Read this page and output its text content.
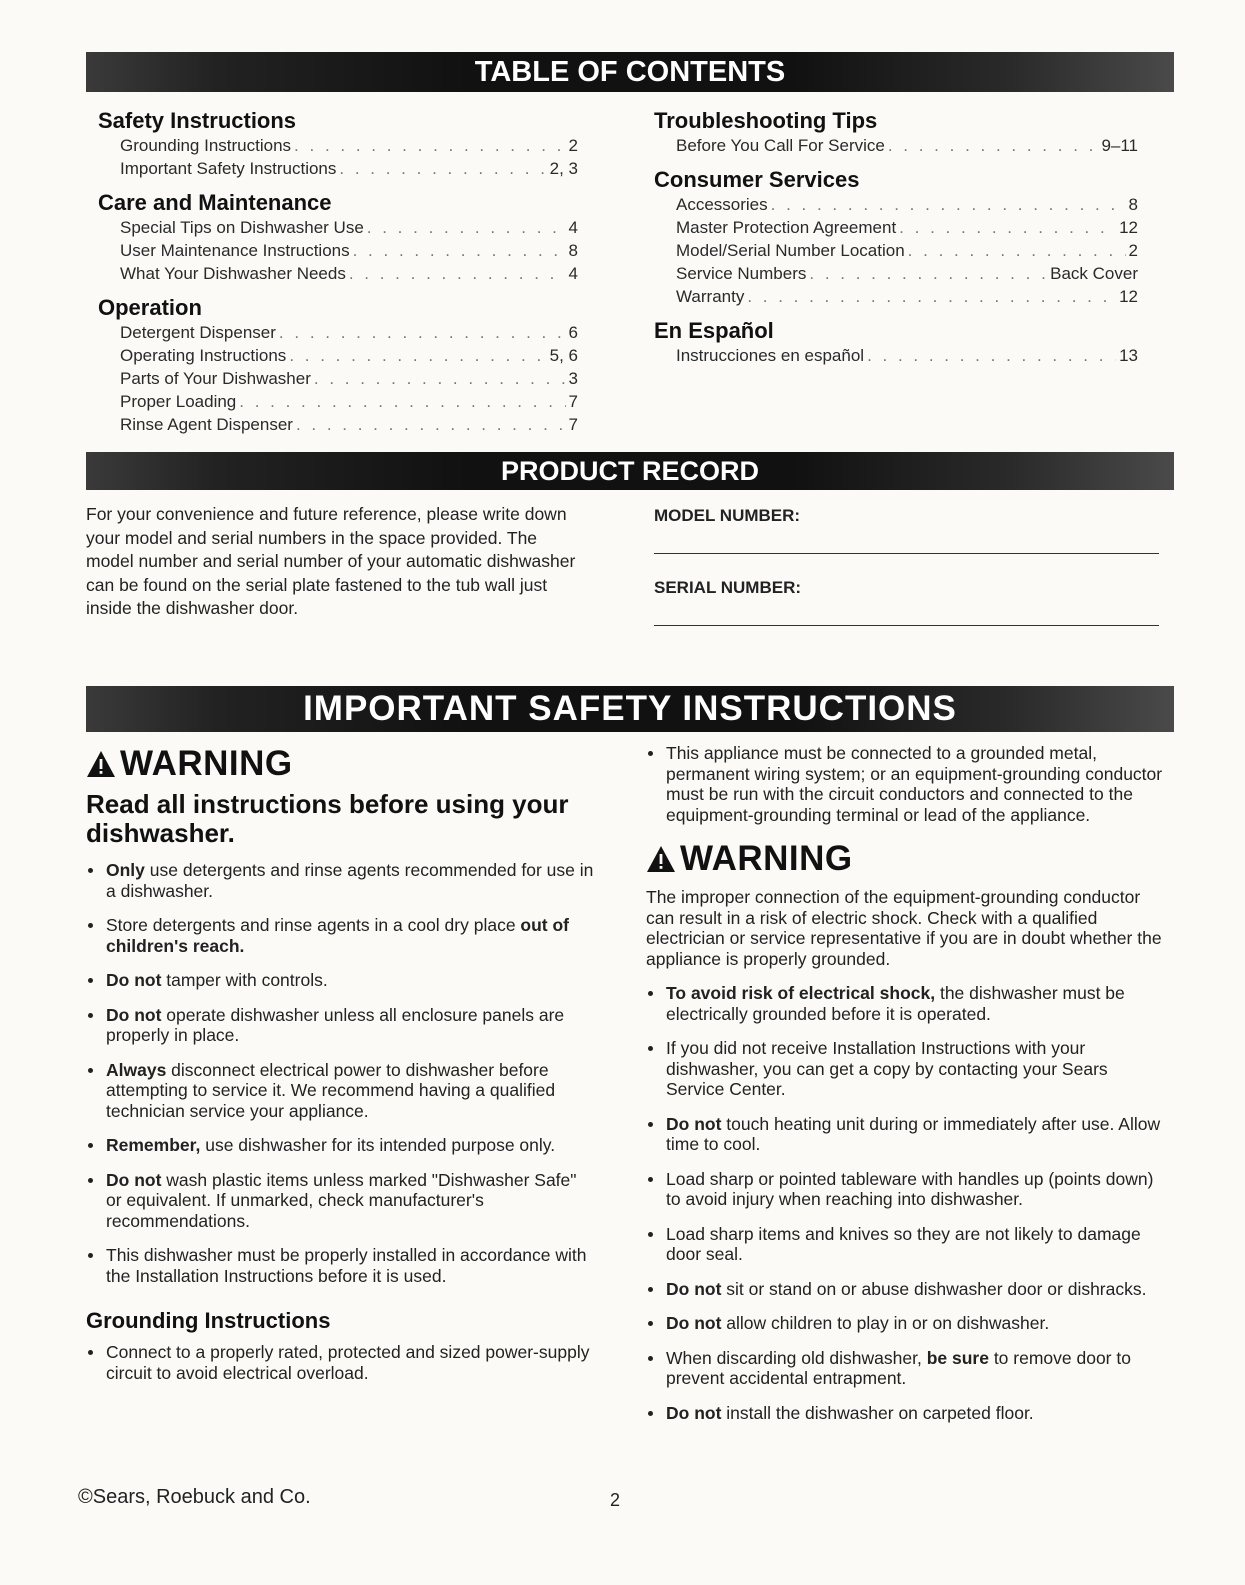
TABLE OF CONTENTS
Safety Instructions
Grounding Instructions . . .	2
Important Safety Instructions . . .	2, 3
Care and Maintenance
Special Tips on Dishwasher Use . . .	4
User Maintenance Instructions . . .	8
What Your Dishwasher Needs . . .	4
Operation
Detergent Dispenser . . .	6
Operating Instructions . . .	5, 6
Parts of Your Dishwasher . . .	3
Proper Loading . . .	7
Rinse Agent Dispenser . . .	7
Troubleshooting Tips
Before You Call For Service . . .	9–11
Consumer Services
Accessories . . .	8
Master Protection Agreement . . .	12
Model/Serial Number Location . . .	2
Service Numbers . . .	Back Cover
Warranty . . .	12
En Español
Instrucciones en español . . .	13
PRODUCT RECORD
For your convenience and future reference, please write down your model and serial numbers in the space provided. The model number and serial number of your automatic dishwasher can be found on the serial plate fastened to the tub wall just inside the dishwasher door.
MODEL NUMBER:
SERIAL NUMBER:
IMPORTANT SAFETY INSTRUCTIONS
WARNING
Read all instructions before using your dishwasher.
Only use detergents and rinse agents recommended for use in a dishwasher.
Store detergents and rinse agents in a cool dry place out of children's reach.
Do not tamper with controls.
Do not operate dishwasher unless all enclosure panels are properly in place.
Always disconnect electrical power to dishwasher before attempting to service it. We recommend having a qualified technician service your appliance.
Remember, use dishwasher for its intended purpose only.
Do not wash plastic items unless marked "Dishwasher Safe" or equivalent. If unmarked, check manufacturer's recommendations.
This dishwasher must be properly installed in accordance with the Installation Instructions before it is used.
Grounding Instructions
Connect to a properly rated, protected and sized power-supply circuit to avoid electrical overload.
This appliance must be connected to a grounded metal, permanent wiring system; or an equipment-grounding conductor must be run with the circuit conductors and connected to the equipment-grounding terminal or lead of the appliance.
WARNING

The improper connection of the equipment-grounding conductor can result in a risk of electric shock. Check with a qualified electrician or service representative if you are in doubt whether the appliance is properly grounded.

To avoid risk of electrical shock, the dishwasher must be electrically grounded before it is operated.
If you did not receive Installation Instructions with your dishwasher, you can get a copy by contacting your Sears Service Center.
Do not touch heating unit during or immediately after use. Allow time to cool.
Load sharp or pointed tableware with handles up (points down) to avoid injury when reaching into dishwasher.
Load sharp items and knives so they are not likely to damage door seal.
Do not sit or stand on or abuse dishwasher door or dishracks.
Do not allow children to play in or on dishwasher.
When discarding old dishwasher, be sure to remove door to prevent accidental entrapment.
Do not install the dishwasher on carpeted floor.
©Sears, Roebuck and Co.	2
